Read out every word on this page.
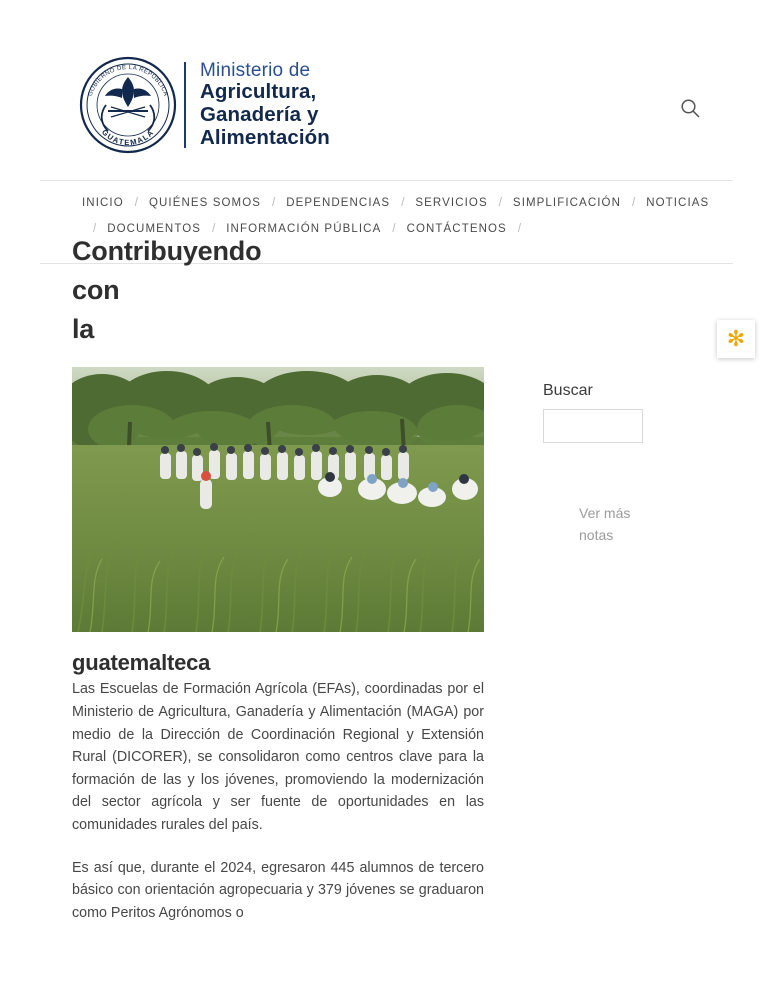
GOBIERNO DE LA REPÚBLICA
GUATEMALA
Ministerio de
Agricultura,
Ganadería y
Alimentación
INICIO / QUIÉNES SOMOS / DEPENDENCIAS / SERVICIOS / SIMPLIFICACIÓN / NOTICIAS/ DOCUMENTOS / INFORMACIÓN PÚBLICA / CONTÁCTENOS /
Contribuyendo
con
la
guatemalteca

Las Escuelas de Formación Agrícola (EFAs), coordinadas por el Ministerio de Agricultura, Ganadería y Alimentación (MAGA) por medio de la Dirección de Coordinación Regional y Extensión Rural (DICORER), se consolidaron como centros clave para la formación de las y los jóvenes, promoviendo la modernización del sector agrícola y ser fuente de oportunidades en las comunidades rurales del país.

Es así que, durante el 2024, egresaron 445 alumnos de tercero básico con orientación agropecuaria y 379 jóvenes se graduaron como Peritos Agrónomos o

Buscar
Ver más
notas
✻
